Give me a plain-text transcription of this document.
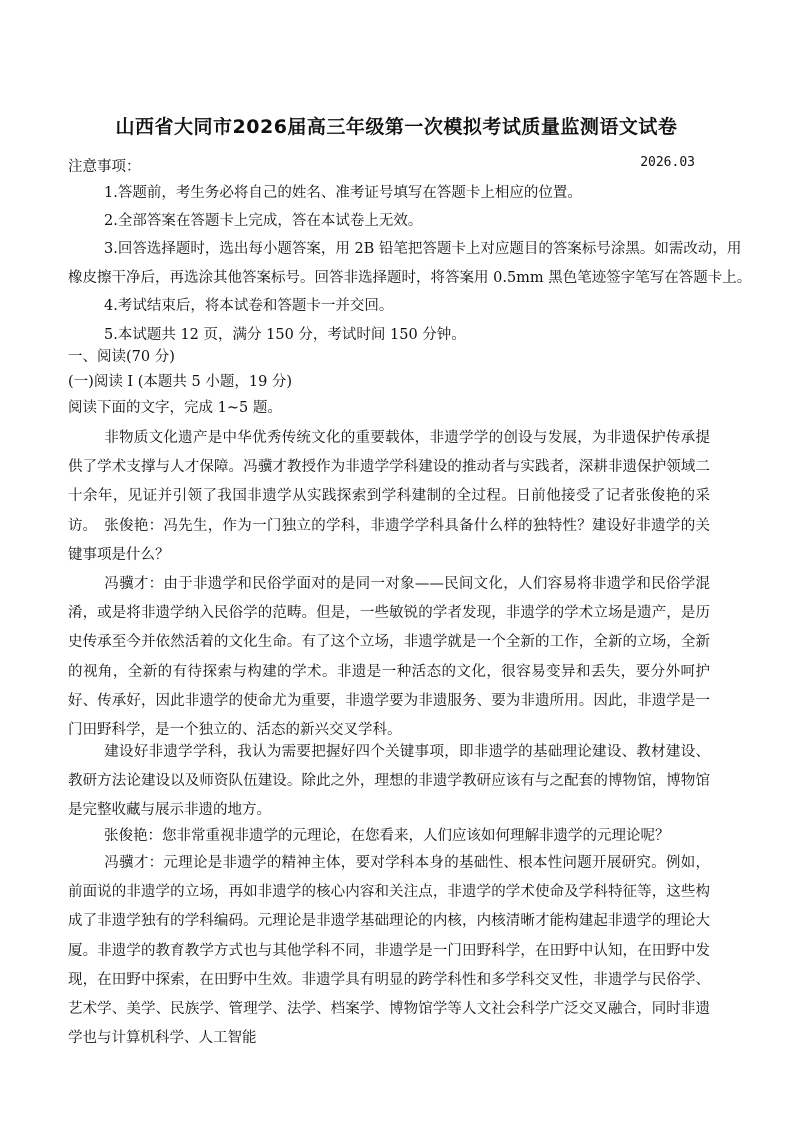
山西省大同市2026届高三年级第一次模拟考试质量监测语文试卷
注意事项：	2026.03
1.答题前，考生务必将自己的姓名、准考证号填写在答题卡上相应的位置。
2.全部答案在答题卡上完成，答在本试卷上无效。
3.回答选择题时，选出每小题答案，用 2B 铅笔把答题卡上对应题目的答案标号涂黑。如需改动，用
橡皮擦干净后，再选涂其他答案标号。回答非选择题时，将答案用 0.5mm 黑色笔迹签字笔写在答题卡上。
4.考试结束后，将本试卷和答题卡一并交回。
5.本试题共 12 页，满分 150 分，考试时间 150 分钟。
一、阅读(70 分)
(一)阅读 I (本题共 5 小题，19 分)
阅读下面的文字，完成 1~5 题。
非物质文化遗产是中华优秀传统文化的重要载体，非遗学学的创设与发展，为非遗保护传承提供了学术支撑与人才保障。冯骥才教授作为非遗学学科建设的推动者与实践者，深耕非遗保护领域二十余年，见证并引领了我国非遗学从实践探索到学科建制的全过程。日前他接受了记者张俊艳的采访。 张俊艳：冯先生，作为一门独立的学科，非遗学学科具备什么样的独特性？建设好非遗学的关键事项是什么？
冯骥才：由于非遗学和民俗学面对的是同一对象——民间文化，人们容易将非遗学和民俗学混淆，或是将非遗学纳入民俗学的范畴。但是，一些敏锐的学者发现，非遗学的学术立场是遗产，是历史传承至今并依然活着的文化生命。有了这个立场，非遗学就是一个全新的工作，全新的立场，全新的视角，全新的有待探索与构建的学术。非遗是一种活态的文化，很容易变异和丢失，要分外呵护好、传承好，因此非遗学的使命尤为重要，非遗学要为非遗服务、要为非遗所用。因此，非遗学是一门田野科学，是一个独立的、活态的新兴交叉学科。
建设好非遗学学科，我认为需要把握好四个关键事项，即非遗学的基础理论建设、教材建设、教研方法论建设以及师资队伍建设。除此之外，理想的非遗学教研应该有与之配套的博物馆，博物馆是完整收藏与展示非遗的地方。
张俊艳：您非常重视非遗学的元理论，在您看来，人们应该如何理解非遗学的元理论呢？
冯骥才：元理论是非遗学的精神主体，要对学科本身的基础性、根本性问题开展研究。例如，前面说的非遗学的立场，再如非遗学的核心内容和关注点，非遗学的学术使命及学科特征等，这些构成了非遗学独有的学科编码。元理论是非遗学基础理论的内核，内核清晰才能构建起非遗学的理论大厦。非遗学的教育教学方式也与其他学科不同，非遗学是一门田野科学，在田野中认知，在田野中发现，在田野中探索，在田野中生效。非遗学具有明显的跨学科性和多学科交叉性，非遗学与民俗学、艺术学、美学、民族学、管理学、法学、档案学、博物馆学等人文社会科学广泛交叉融合，同时非遗学也与计算机科学、人工智能
